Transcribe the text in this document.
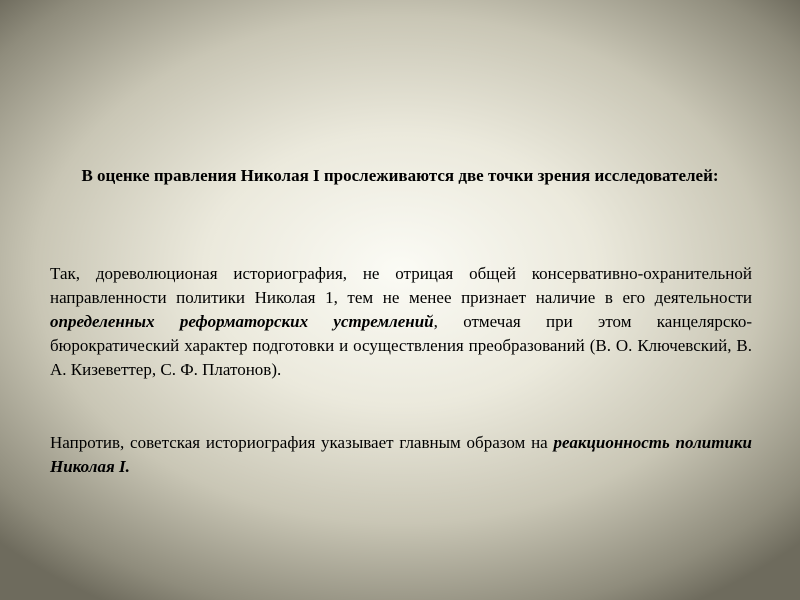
В оценке правления Николая I прослеживаются две точки зрения исследователей:

Так, дореволюционая историография, не отрицая общей консервативно-охранительной направленности политики Николая 1, тем не менее признает наличие в его деятельности определенных реформаторских устремлений, отмечая при этом канцелярско-бюрократический характер подготовки и осуществления преобразований (В. О. Ключевский, В. А. Кизеветтер, С. Ф. Платонов).

Напротив, советская историография указывает главным образом на реакционность политики Николая I.
